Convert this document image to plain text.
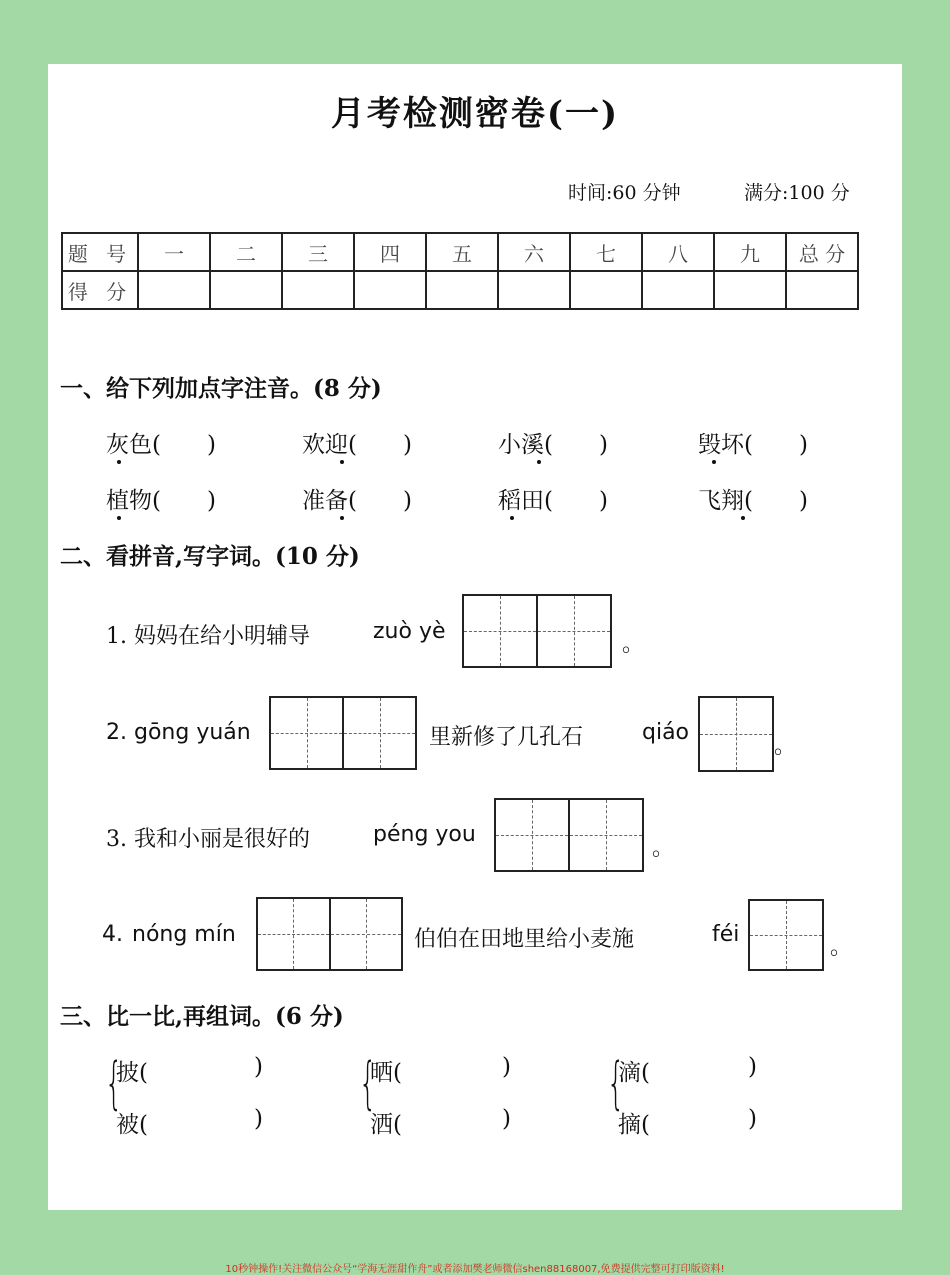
月考检测密卷(一)
时间:60 分钟	满分:100 分
题 号	一	二	三	四	五	六	七	八	九	总 分
得 分										
一、给下列加点字注音。(8 分)
灰色(　　)	欢迎(　　)	小溪(　　)	毁坏(　　)
植物(　　)	准备(　　)	稻田(　　)	飞翔(　　)
二、看拼音,写字词。(10 分)
1. 妈妈在给小明辅导	zuò yè
。
2. gōng yuán	里新修了几孔石	qiáo
。
3. 我和小丽是很好的	péng you
。
4. nóng mín	伯伯在田地里给小麦施	féi
。
三、比一比,再组词。(6 分)
{
披(
被(
)
)
{
晒(
洒(
)
)
{
滴(
摘(
)
)
10秒钟操作!关注微信公众号“学海无涯甜作舟”或者添加樊老师微信shen88168007,免费提供完整可打印版资料!
